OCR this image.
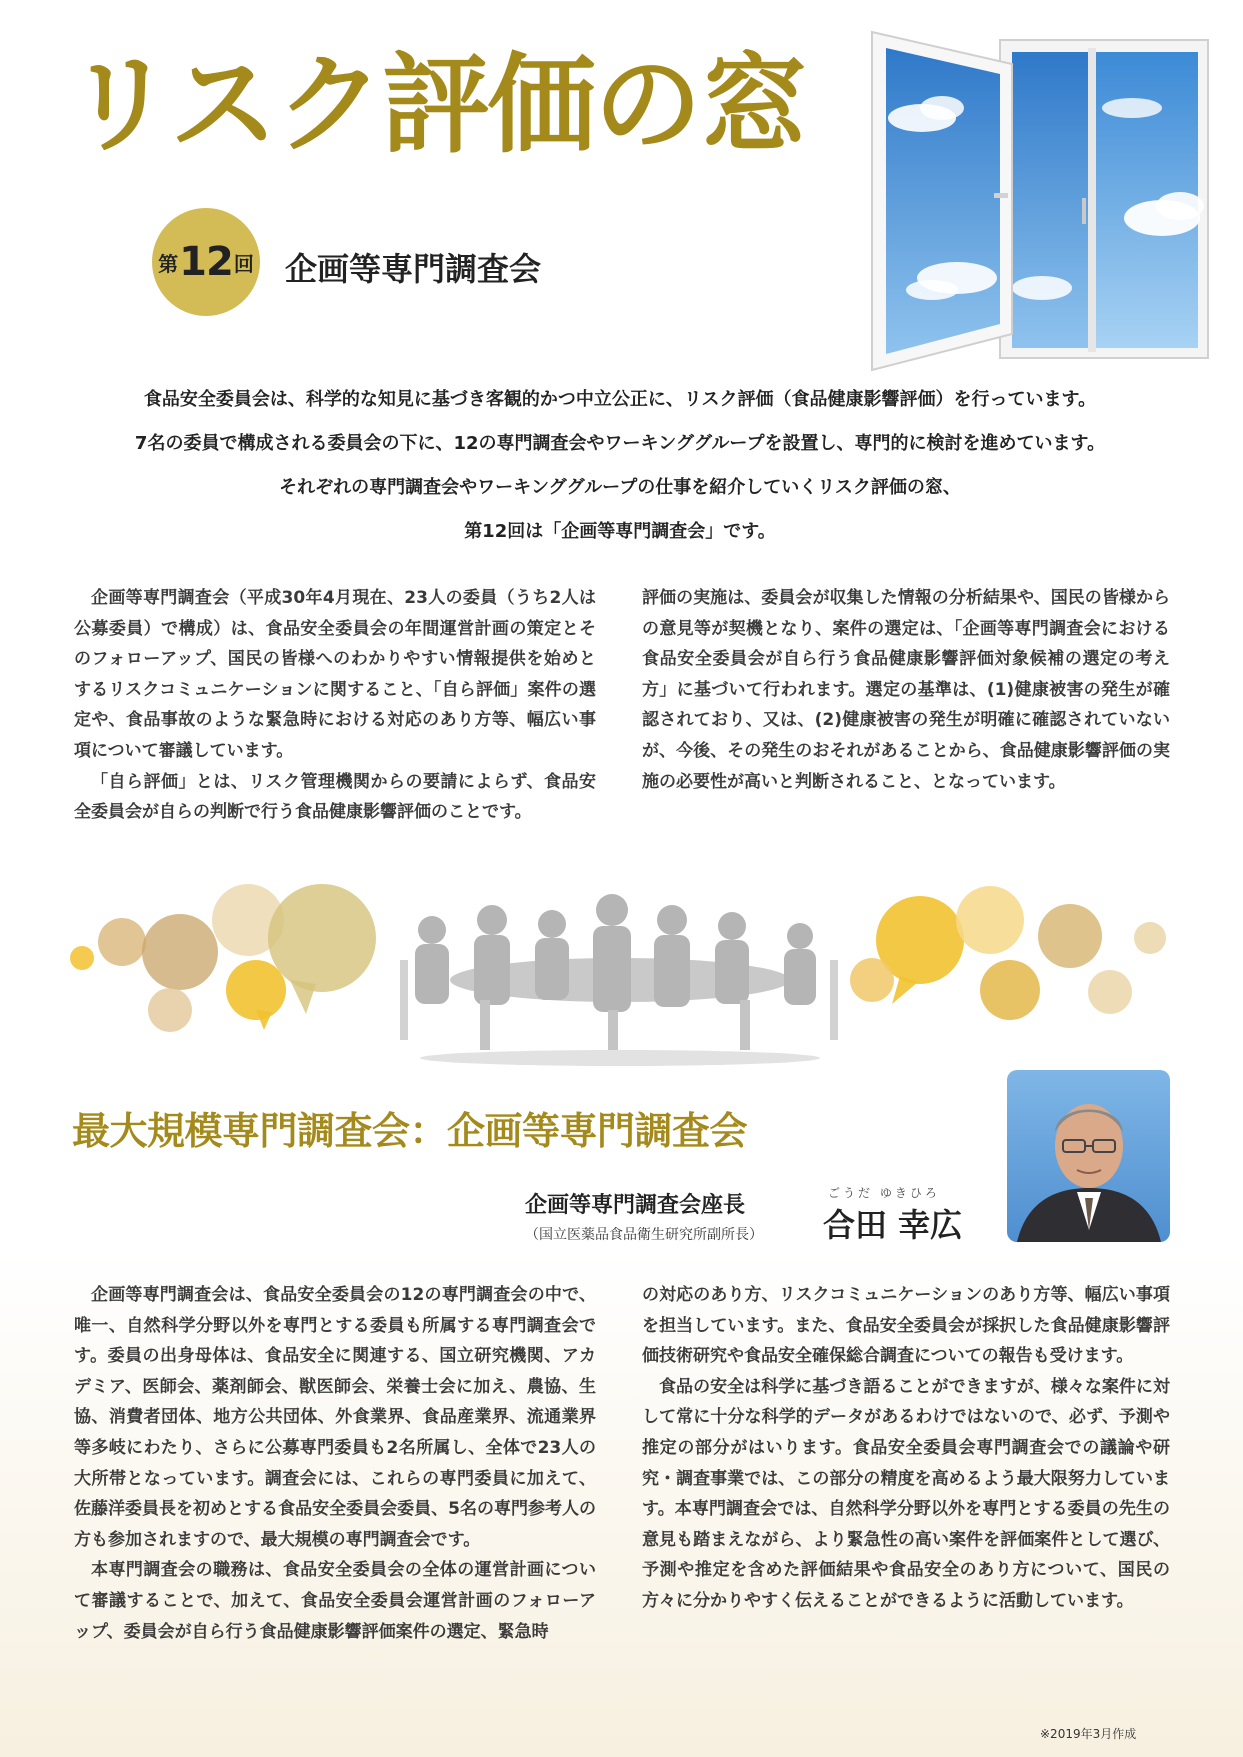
リスク評価の窓
第 12 回 企画等専門調査会
食品安全委員会は、科学的な知見に基づき客観的かつ中立公正に、リスク評価（食品健康影響評価）を行っています。
7名の委員で構成される委員会の下に、12の専門調査会やワーキンググループを設置し、専門的に検討を進めています。
それぞれの専門調査会やワーキンググループの仕事を紹介していくリスク評価の窓、
第12回は「企画等専門調査会」です。

企画等専門調査会（平成30年4月現在、23人の委員（うち2人は公募委員）で構成）は、食品安全委員会の年間運営計画の策定とそのフォローアップ、国民の皆様へのわかりやすい情報提供を始めとするリスクコミュニケーションに関すること、「自ら評価」案件の選定や、食品事故のような緊急時における対応のあり方等、幅広い事項について審議しています。

「自ら評価」とは、リスク管理機関からの要請によらず、食品安全委員会が自らの判断で行う食品健康影響評価のことです。

評価の実施は、委員会が収集した情報の分析結果や、国民の皆様からの意見等が契機となり、案件の選定は、「企画等専門調査会における食品安全委員会が自ら行う食品健康影響評価対象候補の選定の考え方」に基づいて行われます。選定の基準は、(1)健康被害の発生が確認されており、又は、(2)健康被害の発生が明確に確認されていないが、今後、その発生のおそれがあることから、食品健康影響評価の実施の必要性が高いと判断されること、となっています。

最大規模専門調査会：企画等専門調査会
企画等専門調査会座長
（国立医薬品食品衛生研究所副所長）
ごうだ ゆきひろ
合田 幸広

企画等専門調査会は、食品安全委員会の12の専門調査会の中で、唯一、自然科学分野以外を専門とする委員も所属する専門調査会です。委員の出身母体は、食品安全に関連する、国立研究機関、アカデミア、医師会、薬剤師会、獣医師会、栄養士会に加え、農協、生協、消費者団体、地方公共団体、外食業界、食品産業界、流通業界等多岐にわたり、さらに公募専門委員も2名所属し、全体で23人の大所帯となっています。調査会には、これらの専門委員に加えて、佐藤洋委員長を初めとする食品安全委員会委員、5名の専門参考人の方も参加されますので、最大規模の専門調査会です。

本専門調査会の職務は、食品安全委員会の全体の運営計画について審議することで、加えて、食品安全委員会運営計画のフォローアップ、委員会が自ら行う食品健康影響評価案件の選定、緊急時

の対応のあり方、リスクコミュニケーションのあり方等、幅広い事項を担当しています。また、食品安全委員会が採択した食品健康影響評価技術研究や食品安全確保総合調査についての報告も受けます。

食品の安全は科学に基づき語ることができますが、様々な案件に対して常に十分な科学的データがあるわけではないので、必ず、予測や推定の部分がはいります。食品安全委員会専門調査会での議論や研究・調査事業では、この部分の精度を高めるよう最大限努力しています。本専門調査会では、自然科学分野以外を専門とする委員の先生の意見も踏まえながら、より緊急性の高い案件を評価案件として選び、予測や推定を含めた評価結果や食品安全のあり方について、国民の方々に分かりやすく伝えることができるように活動しています。

※2019年3月作成
